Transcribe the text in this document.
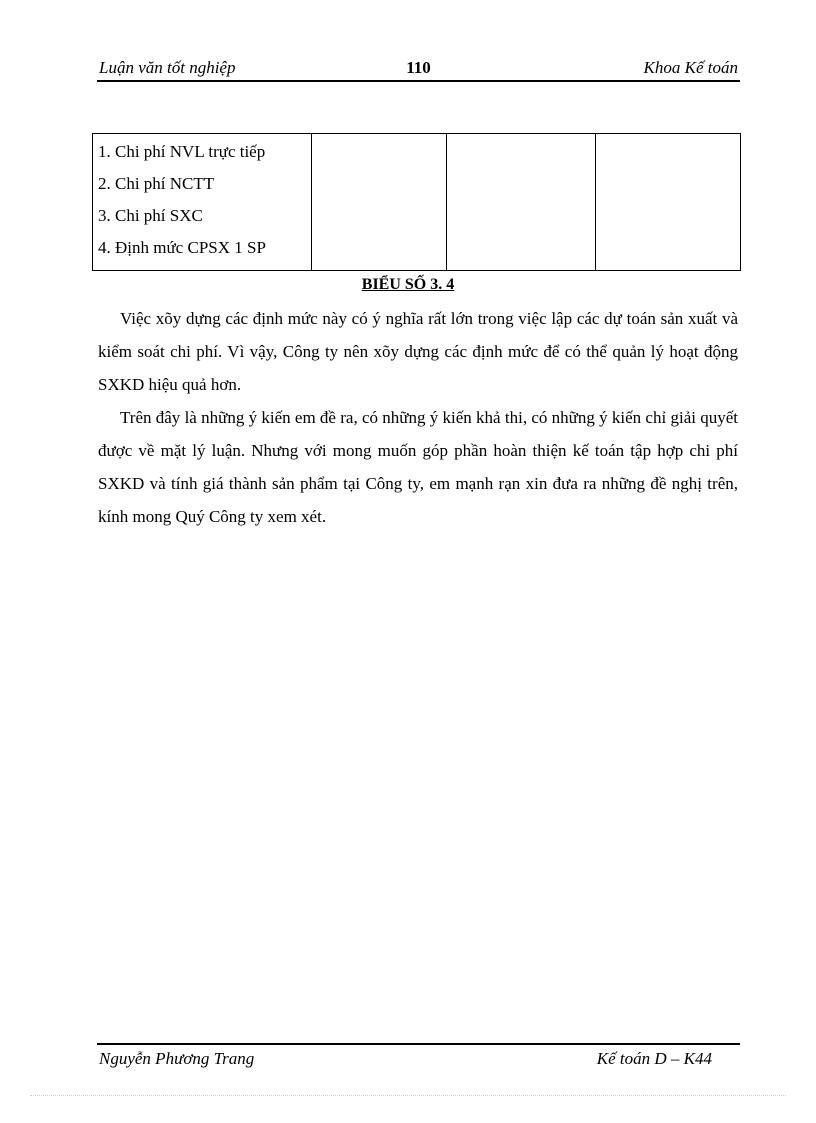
Luận văn tốt nghiệp	110	Khoa Kế toán
1. Chi phí NVL trực tiếp
2. Chi phí NCTT
3. Chi phí SXC
4. Định mức CPSX 1 SP

BIỂU SỐ 3. 4

Việc xõy dựng các định mức này có ý nghĩa rất lớn trong việc lập các dự toán sản xuất và kiểm soát chi phí. Vì vậy, Công ty nên xõy dựng các định mức để có thể quản lý hoạt động SXKD hiệu quả hơn.

Trên đây là những ý kiến em đề ra, có những ý kiến khả thi, có những ý kiến chỉ giải quyết được về mặt lý luận. Nhưng với mong muốn góp phần hoàn thiện kế toán tập hợp chi phí SXKD và tính giá thành sản phẩm tại Công ty, em mạnh rạn xin đưa ra những đề nghị trên, kính mong Quý Công ty xem xét.

Nguyễn Phương Trang	Kế toán D – K44
